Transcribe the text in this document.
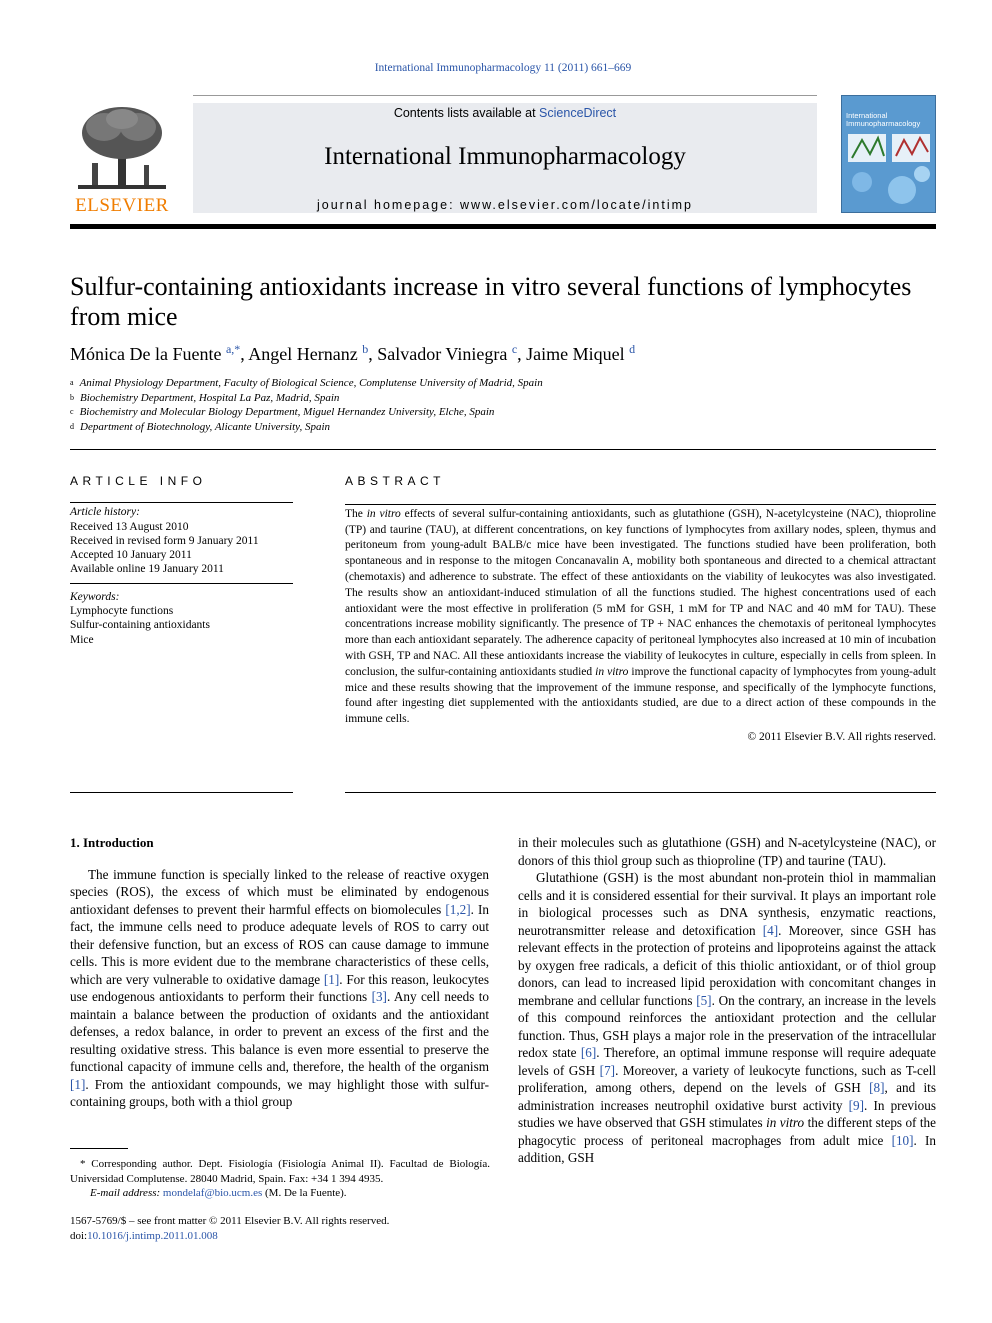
International Immunopharmacology 11 (2011) 661–669
ELSEVIER
Contents lists available at ScienceDirect
International Immunopharmacology
journal homepage: www.elsevier.com/locate/intimp
International
Immunopharmacology
Sulfur-containing antioxidants increase in vitro several functions of lymphocytes from mice
Mónica De la Fuente $^{a,*}$, Angel Hernanz $^b$, Salvador Viniegra $^c$, Jaime Miquel $^d$
$^a$ Animal Physiology Department, Faculty of Biological Science, Complutense University of Madrid, Spain
$^b$ Biochemistry Department, Hospital La Paz, Madrid, Spain
$^c$ Biochemistry and Molecular Biology Department, Miguel Hernandez University, Elche, Spain
$^d$ Department of Biotechnology, Alicante University, Spain
ARTICLE INFO
Article history:
Received 13 August 2010
Received in revised form 9 January 2011
Accepted 10 January 2011
Available online 19 January 2011
Keywords:
Lymphocyte functions
Sulfur-containing antioxidants
Mice
ABSTRACT
The in vitro effects of several sulfur-containing antioxidants, such as glutathione (GSH), N-acetylcysteine (NAC), thioproline (TP) and taurine (TAU), at different concentrations, on key functions of lymphocytes from axillary nodes, spleen, thymus and peritoneum from young-adult BALB/c mice have been investigated. The functions studied have been proliferation, both spontaneous and in response to the mitogen Concanavalin A, mobility both spontaneous and directed to a chemical attractant (chemotaxis) and adherence to substrate. The effect of these antioxidants on the viability of leukocytes was also investigated. The results show an antioxidant-induced stimulation of all the functions studied. The highest concentrations used of each antioxidant were the most effective in proliferation (5 mM for GSH, 1 mM for TP and NAC and 40 mM for TAU). These concentrations increase mobility significantly. The presence of TP + NAC enhances the chemotaxis of peritoneal lymphocytes more than each antioxidant separately. The adherence capacity of peritoneal lymphocytes also increased at 10 min of incubation with GSH, TP and NAC. All these antioxidants increase the viability of leukocytes in culture, especially in cells from spleen. In conclusion, the sulfur-containing antioxidants studied in vitro improve the functional capacity of lymphocytes from young-adult mice and these results showing that the improvement of the immune response, and specifically of the lymphocyte functions, found after ingesting diet supplemented with the antioxidants studied, are due to a direct action of these compounds in the immune cells.
© 2011 Elsevier B.V. All rights reserved.
1. Introduction

The immune function is specially linked to the release of reactive oxygen species (ROS), the excess of which must be eliminated by endogenous antioxidant defenses to prevent their harmful effects on biomolecules [1,2]. In fact, the immune cells need to produce adequate levels of ROS to carry out their defensive function, but an excess of ROS can cause damage to immune cells. This is more evident due to the membrane characteristics of these cells, which are very vulnerable to oxidative damage [1]. For this reason, leukocytes use endogenous antioxidants to perform their functions [3]. Any cell needs to maintain a balance between the production of oxidants and the antioxidant defenses, a redox balance, in order to prevent an excess of the first and the resulting oxidative stress. This balance is even more essential to preserve the functional capacity of immune cells and, therefore, the health of the organism [1]. From the antioxidant compounds, we may highlight those with sulfur-containing groups, both with a thiol group

* Corresponding author. Dept. Fisiología (Fisiología Animal II). Facultad de Biología. Universidad Complutense. 28040 Madrid, Spain. Fax: +34 1 394 4935.
E-mail address: mondelaf@bio.ucm.es (M. De la Fuente).
1567-5769/$ – see front matter © 2011 Elsevier B.V. All rights reserved.
doi:10.1016/j.intimp.2011.01.008

in their molecules such as glutathione (GSH) and N-acetylcysteine (NAC), or donors of this thiol group such as thioproline (TP) and taurine (TAU).

Glutathione (GSH) is the most abundant non-protein thiol in mammalian cells and it is considered essential for their survival. It plays an important role in biological processes such as DNA synthesis, enzymatic reactions, neurotransmitter release and detoxification [4]. Moreover, since GSH has relevant effects in the protection of proteins and lipoproteins against the attack by oxygen free radicals, a deficit of this thiolic antioxidant, or of thiol group donors, can lead to increased lipid peroxidation with concomitant changes in membrane and cellular functions [5]. On the contrary, an increase in the levels of this compound reinforces the antioxidant protection and the cellular function. Thus, GSH plays a major role in the preservation of the intracellular redox state [6]. Therefore, an optimal immune response will require adequate levels of GSH [7]. Moreover, a variety of leukocyte functions, such as T-cell proliferation, among others, depend on the levels of GSH [8], and its administration increases neutrophil oxidative burst activity [9]. In previous studies we have observed that GSH stimulates in vitro the different steps of the phagocytic process of peritoneal macrophages from adult mice [10]. In addition, GSH
